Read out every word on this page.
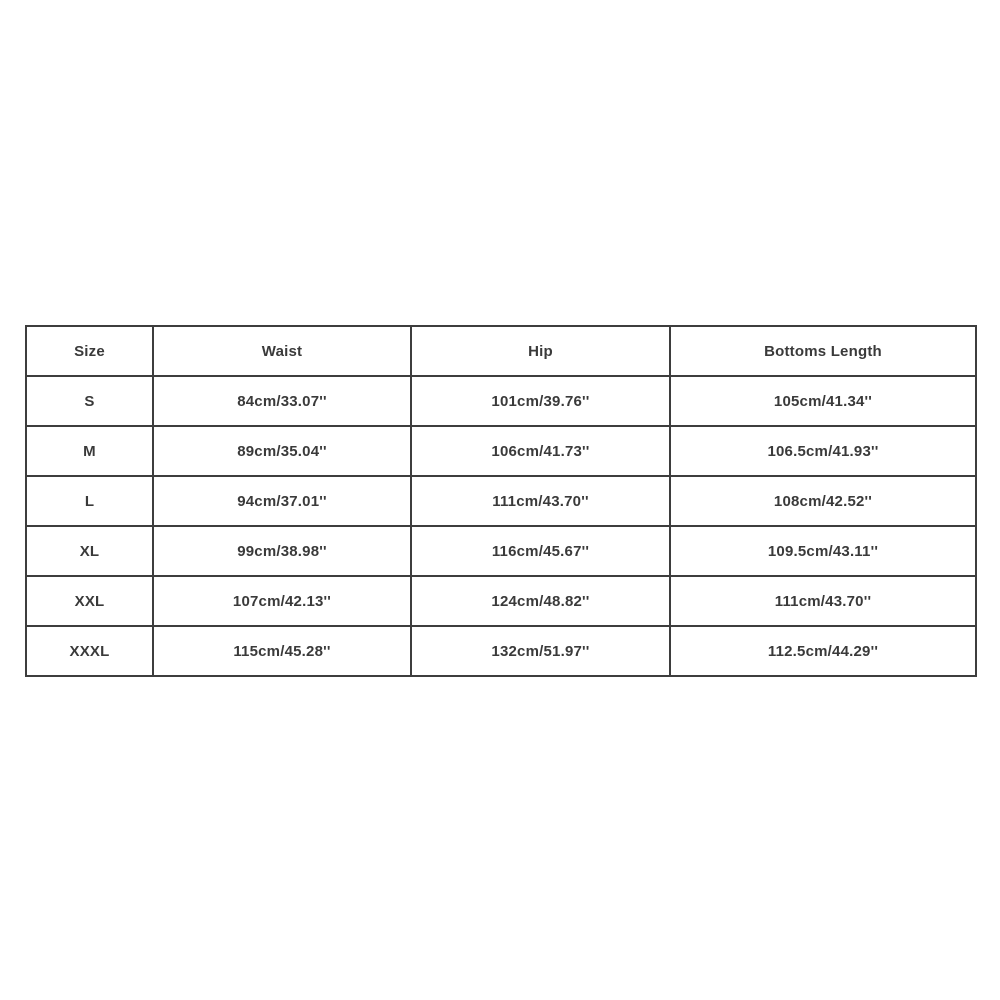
Size	Waist	Hip	Bottoms Length
S	84cm/33.07''	101cm/39.76''	105cm/41.34''
M	89cm/35.04''	106cm/41.73''	106.5cm/41.93''
L	94cm/37.01''	111cm/43.70''	108cm/42.52''
XL	99cm/38.98''	116cm/45.67''	109.5cm/43.11''
XXL	107cm/42.13''	124cm/48.82''	111cm/43.70''
XXXL	115cm/45.28''	132cm/51.97''	112.5cm/44.29''
